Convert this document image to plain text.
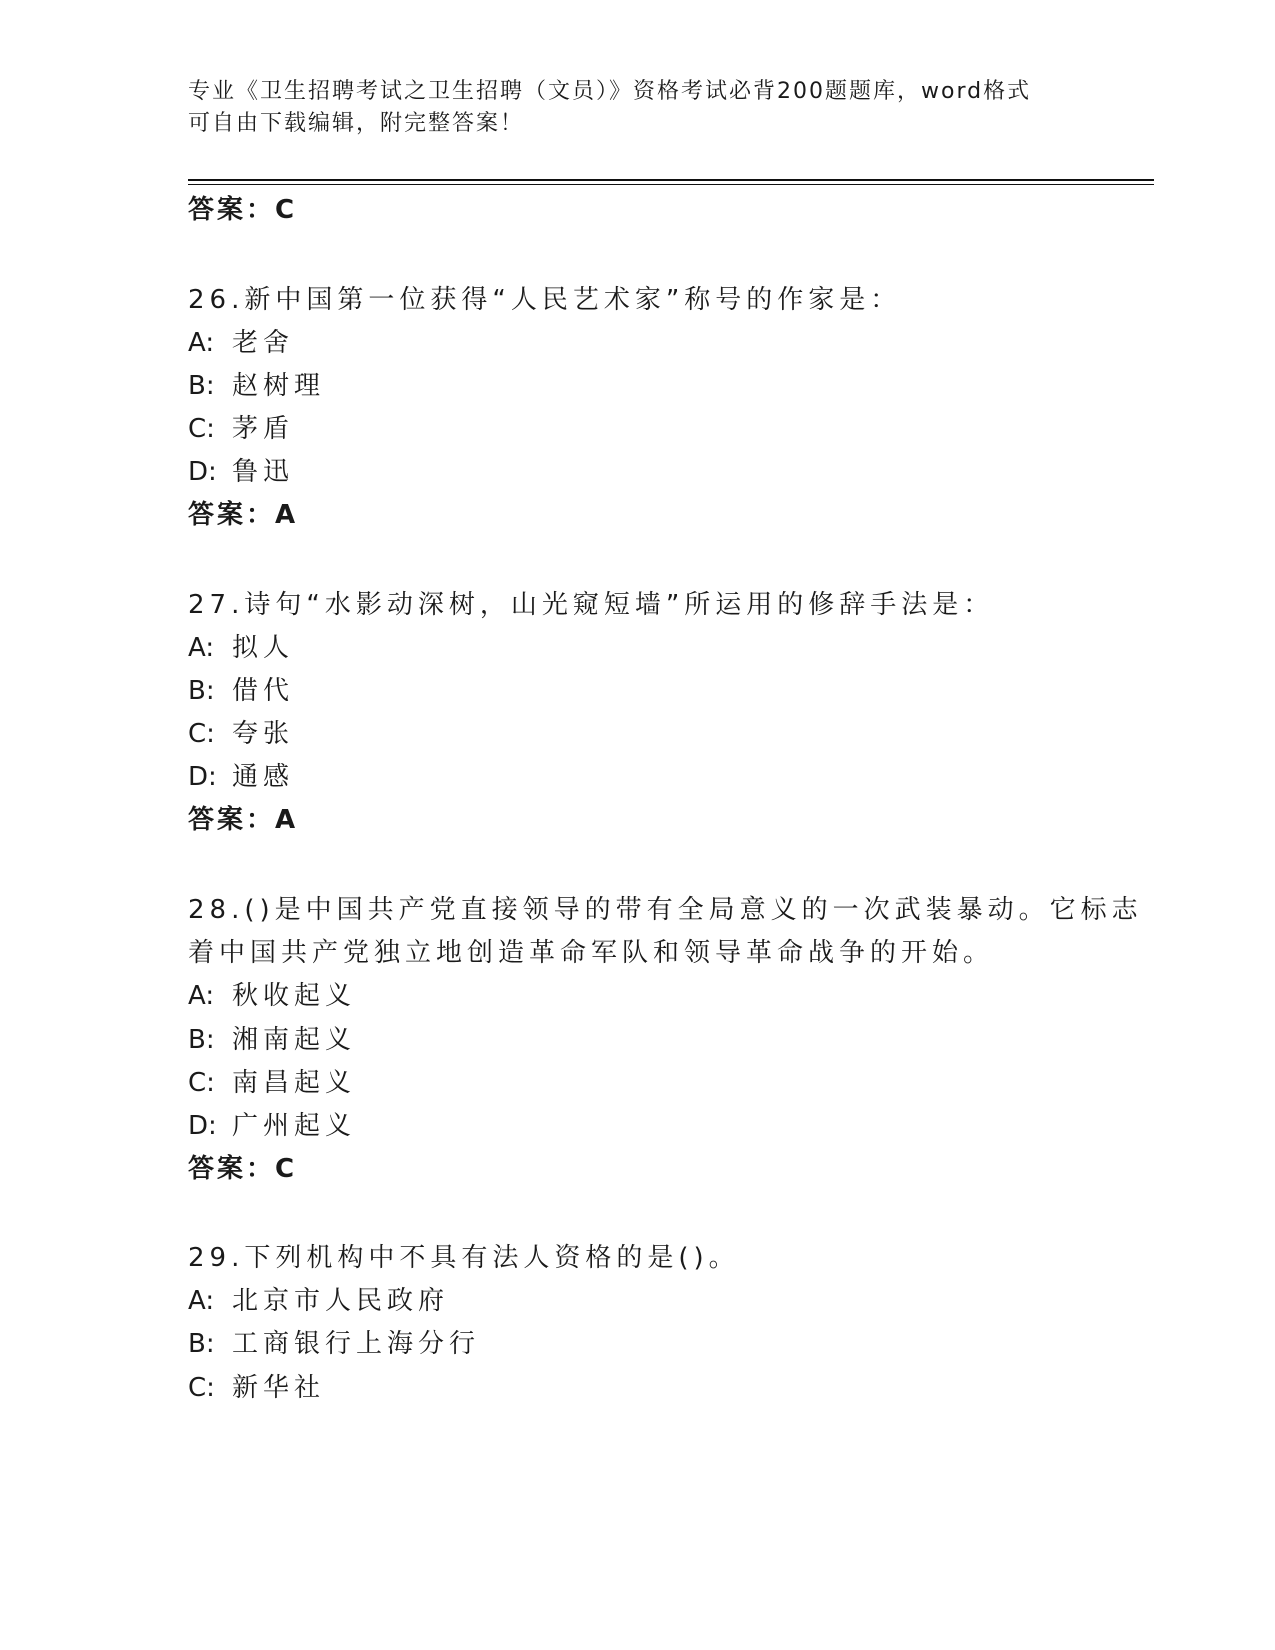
专业《卫生招聘考试之卫生招聘（文员）》资格考试必背200题题库，word格式
可自由下载编辑，附完整答案！
答案：C
26.新中国第一位获得“人民艺术家”称号的作家是：
A: 老舍
B: 赵树理
C: 茅盾
D: 鲁迅
答案：A
27.诗句“水影动深树，山光窥短墙”所运用的修辞手法是：
A: 拟人
B: 借代
C: 夸张
D: 通感
答案：A
28.()是中国共产党直接领导的带有全局意义的一次武装暴动。它标志
着中国共产党独立地创造革命军队和领导革命战争的开始。
A: 秋收起义
B: 湘南起义
C: 南昌起义
D: 广州起义
答案：C
29.下列机构中不具有法人资格的是()。
A: 北京市人民政府
B: 工商银行上海分行
C: 新华社
